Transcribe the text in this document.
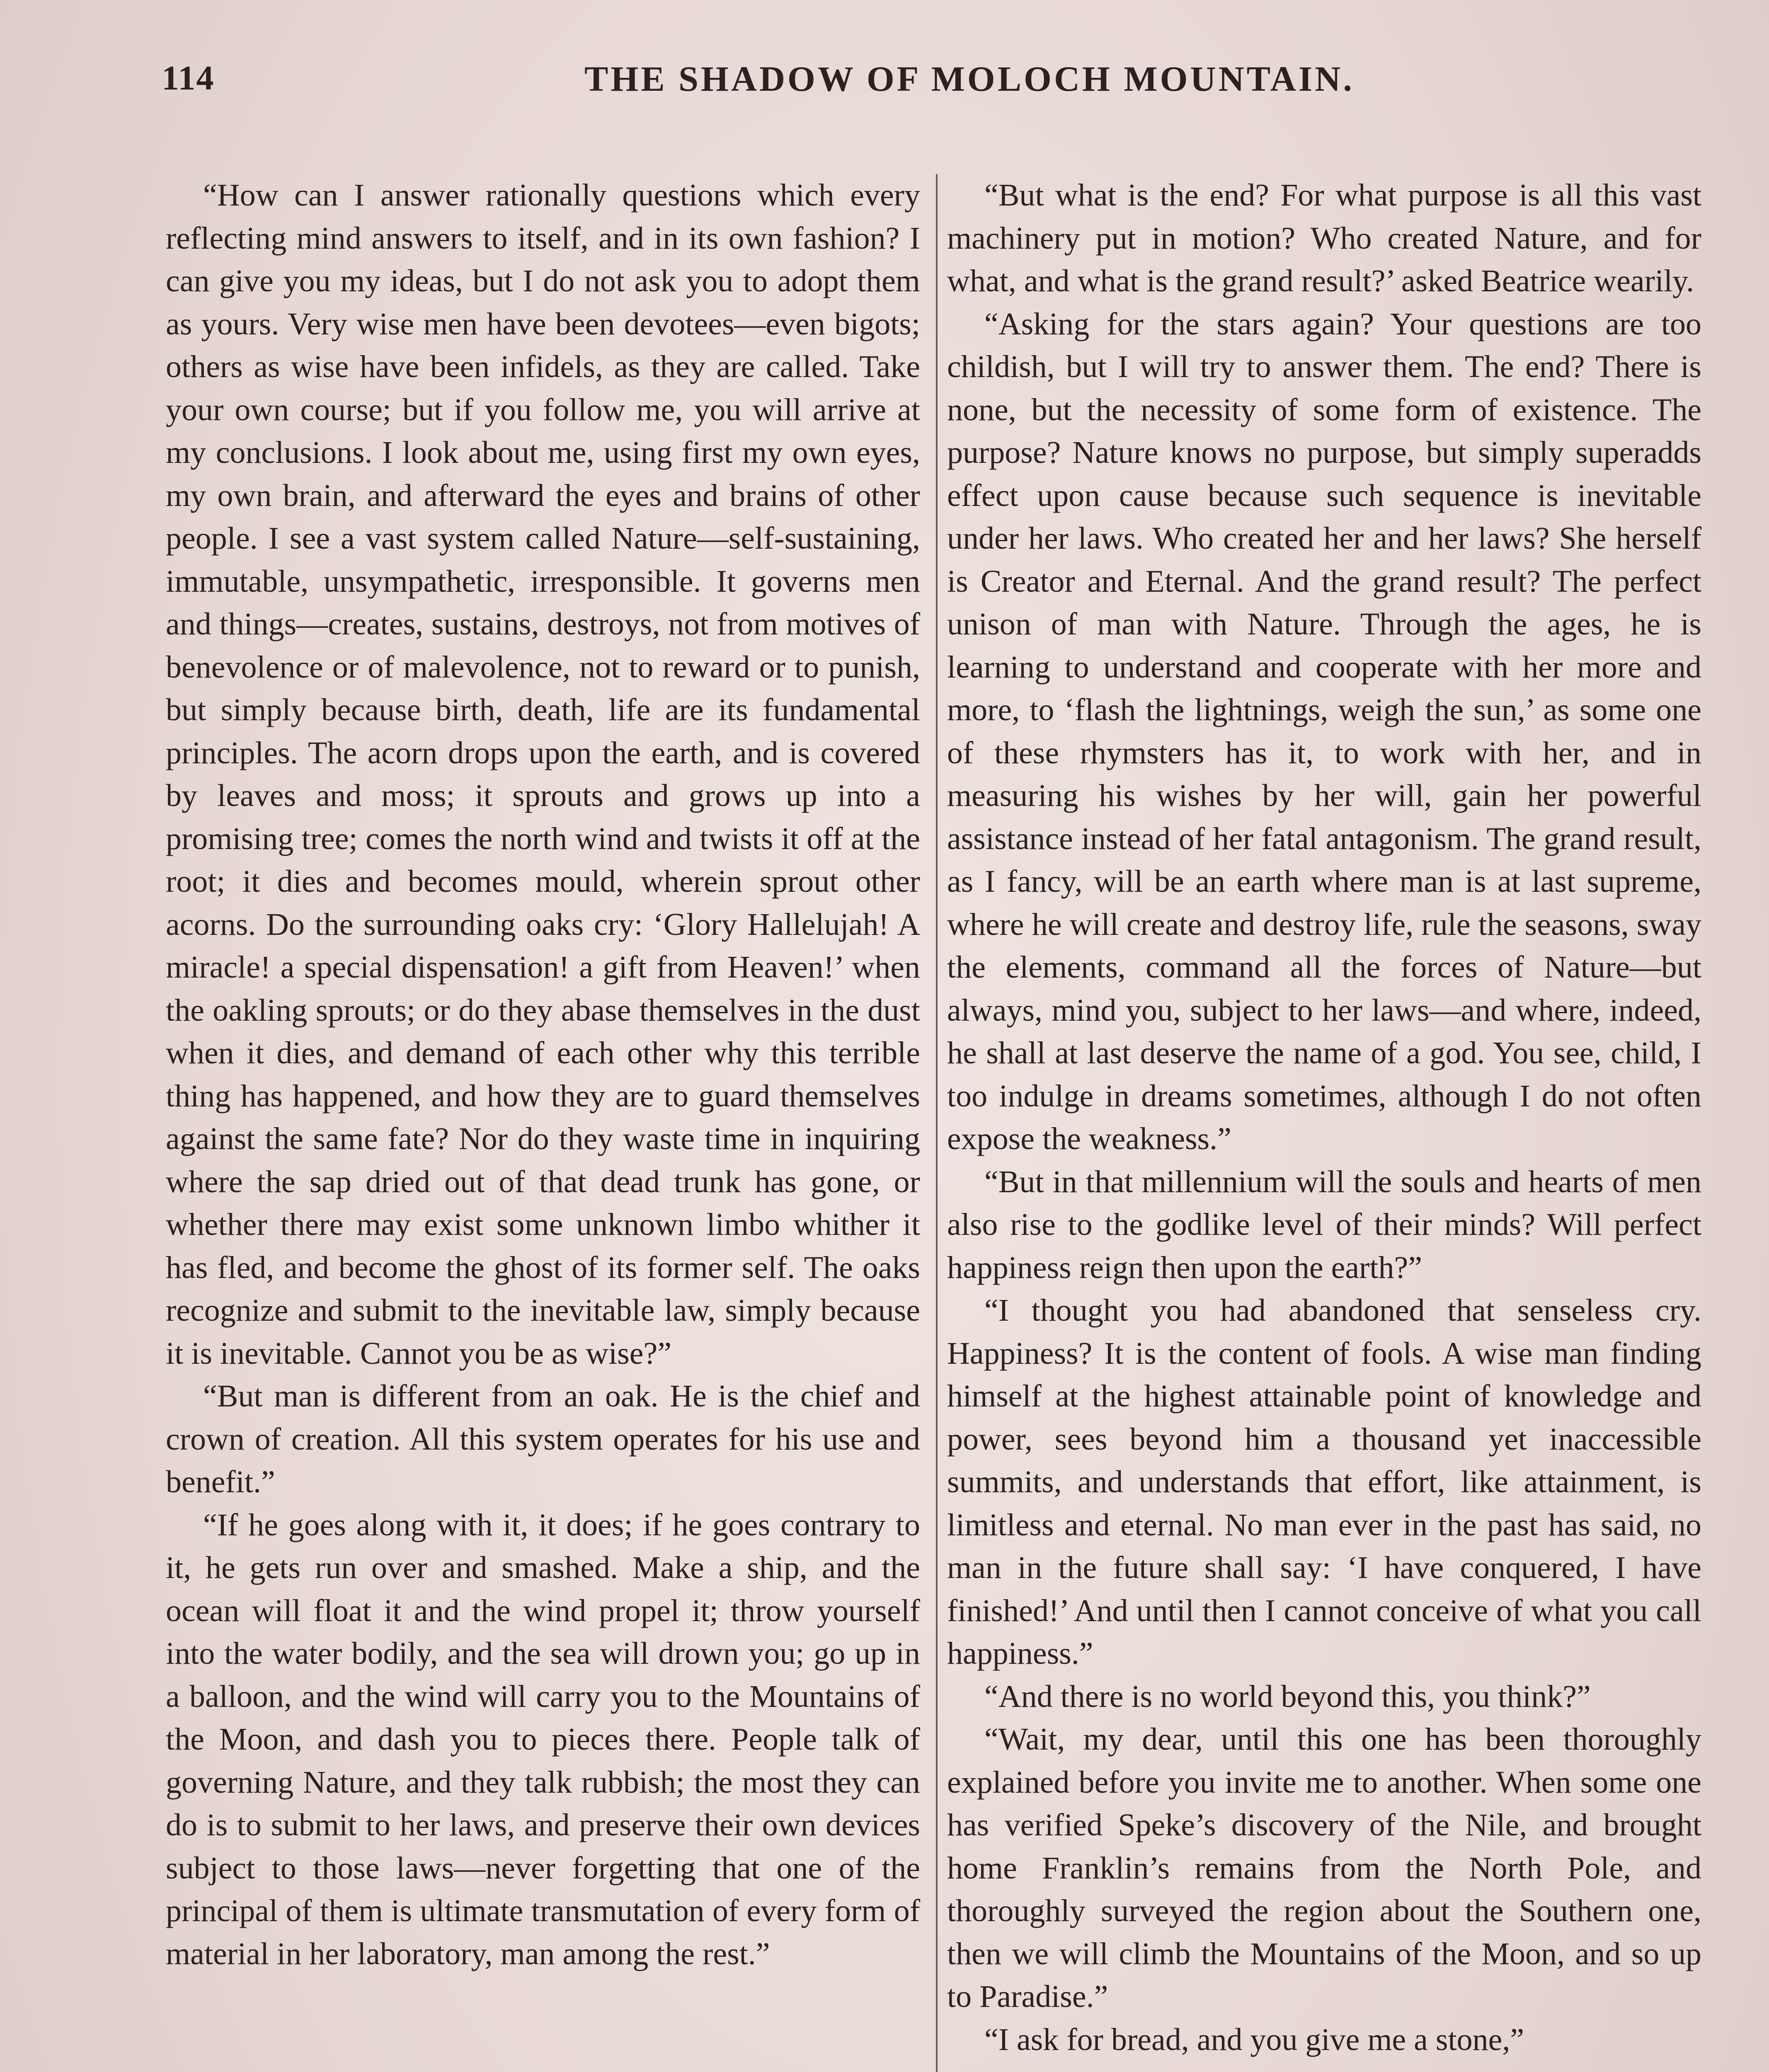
114	THE SHADOW OF MOLOCH MOUNTAIN.

“How can I answer rationally questions which every reflecting mind answers to itself, and in its own fashion? I can give you my ideas, but I do not ask you to adopt them as yours. Very wise men have been devotees—even bigots; others as wise have been infidels, as they are called. Take your own course; but if you follow me, you will arrive at my conclusions. I look about me, using first my own eyes, my own brain, and afterward the eyes and brains of other people. I see a vast system called Nature—self-sustaining, immutable, unsympathetic, irresponsible. It governs men and things—creates, sustains, destroys, not from motives of benevolence or of malevolence, not to reward or to punish, but simply because birth, death, life are its fundamental principles. The acorn drops upon the earth, and is covered by leaves and moss; it sprouts and grows up into a promising tree; comes the north wind and twists it off at the root; it dies and becomes mould, wherein sprout other acorns. Do the surrounding oaks cry: ‘Glory Hallelujah! A miracle! a special dispensation! a gift from Heaven!’ when the oakling sprouts; or do they abase themselves in the dust when it dies, and demand of each other why this terrible thing has happened, and how they are to guard themselves against the same fate? Nor do they waste time in inquiring where the sap dried out of that dead trunk has gone, or whether there may exist some unknown limbo whither it has fled, and become the ghost of its former self. The oaks recognize and submit to the inevitable law, simply because it is inevitable. Cannot you be as wise?”

“But man is different from an oak. He is the chief and crown of creation. All this system operates for his use and benefit.”

“If he goes along with it, it does; if he goes contrary to it, he gets run over and smashed. Make a ship, and the ocean will float it and the wind propel it; throw yourself into the water bodily, and the sea will drown you; go up in a balloon, and the wind will carry you to the Mountains of the Moon, and dash you to pieces there. People talk of governing Nature, and they talk rubbish; the most they can do is to submit to her laws, and preserve their own devices subject to those laws—never forgetting that one of the principal of them is ultimate transmutation of every form of material in her laboratory, man among the rest.”

“But what is the end? For what purpose is all this vast machinery put in motion? Who created Nature, and for what, and what is the grand result?’ asked Beatrice wearily.

“Asking for the stars again? Your questions are too childish, but I will try to answer them. The end? There is none, but the necessity of some form of existence. The purpose? Nature knows no purpose, but simply superadds effect upon cause because such sequence is inevitable under her laws. Who created her and her laws? She herself is Creator and Eternal. And the grand result? The perfect unison of man with Nature. Through the ages, he is learning to understand and cooperate with her more and more, to ‘flash the lightnings, weigh the sun,’ as some one of these rhymsters has it, to work with her, and in measuring his wishes by her will, gain her powerful assistance instead of her fatal antagonism. The grand result, as I fancy, will be an earth where man is at last supreme, where he will create and destroy life, rule the seasons, sway the elements, command all the forces of Nature—but always, mind you, subject to her laws—and where, indeed, he shall at last deserve the name of a god. You see, child, I too indulge in dreams sometimes, although I do not often expose the weakness.”

“But in that millennium will the souls and hearts of men also rise to the godlike level of their minds? Will perfect happiness reign then upon the earth?”

“I thought you had abandoned that senseless cry. Happiness? It is the content of fools. A wise man finding himself at the highest attainable point of knowledge and power, sees beyond him a thousand yet inaccessible summits, and understands that effort, like attainment, is limitless and eternal. No man ever in the past has said, no man in the future shall say: ‘I have conquered, I have finished!’ And until then I cannot conceive of what you call happiness.”

“And there is no world beyond this, you think?”

“Wait, my dear, until this one has been thoroughly explained before you invite me to another. When some one has verified Speke’s discovery of the Nile, and brought home Franklin’s remains from the North Pole, and thoroughly surveyed the region about the Southern one, then we will climb the Mountains of the Moon, and so up to Paradise.”

“I ask for bread, and you give me a stone,”
